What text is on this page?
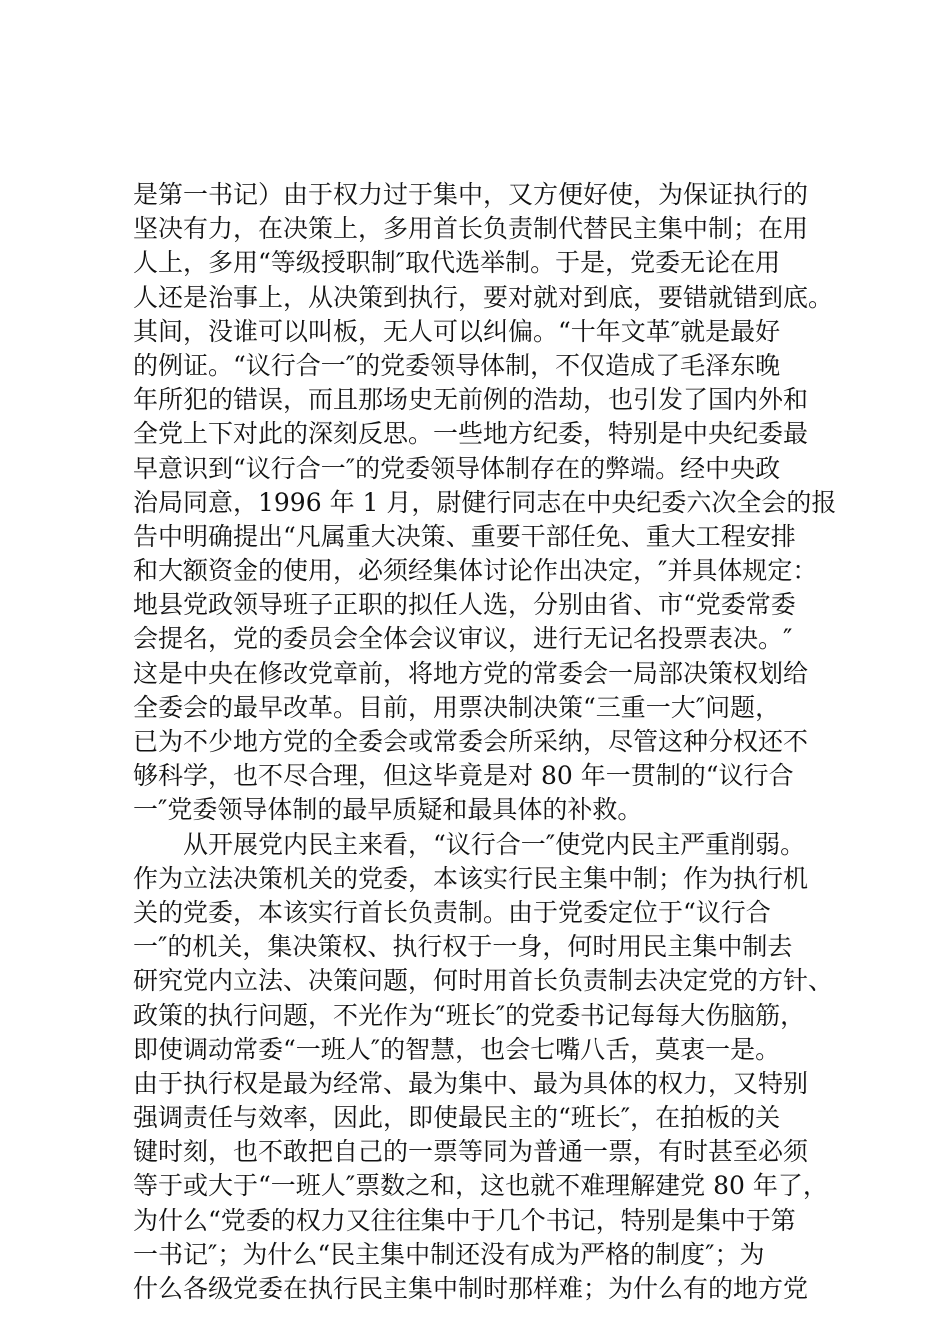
是第一书记）由于权力过于集中，又方便好使，为保证执行的
坚决有力，在决策上，多用首长负责制代替民主集中制；在用
人上，多用“等级授职制″取代选举制。于是，党委无论在用
人还是治事上，从决策到执行，要对就对到底，要错就错到底。
其间，没谁可以叫板，无人可以纠偏。“十年文革″就是最好
的例证。“议行合一″的党委领导体制，不仅造成了毛泽东晚
年所犯的错误，而且那场史无前例的浩劫，也引发了国内外和
全党上下对此的深刻反思。一些地方纪委，特别是中央纪委最
早意识到“议行合一″的党委领导体制存在的弊端。经中央政
治局同意，1996 年 1 月，尉健行同志在中央纪委六次全会的报
告中明确提出“凡属重大决策、重要干部任免、重大工程安排
和大额资金的使用，必须经集体讨论作出决定，″并具体规定：
地县党政领导班子正职的拟任人选，分别由省、市“党委常委
会提名，党的委员会全体会议审议，进行无记名投票表决。″
这是中央在修改党章前，将地方党的常委会一局部决策权划给
全委会的最早改革。目前，用票决制决策“三重一大″问题，
已为不少地方党的全委会或常委会所采纳，尽管这种分权还不
够科学，也不尽合理，但这毕竟是对 80 年一贯制的“议行合
一″党委领导体制的最早质疑和最具体的补救。
从开展党内民主来看，“议行合一″使党内民主严重削弱。
作为立法决策机关的党委，本该实行民主集中制；作为执行机
关的党委，本该实行首长负责制。由于党委定位于“议行合
一″的机关，集决策权、执行权于一身，何时用民主集中制去
研究党内立法、决策问题，何时用首长负责制去决定党的方针、
政策的执行问题，不光作为“班长″的党委书记每每大伤脑筋，
即使调动常委“一班人″的智慧，也会七嘴八舌，莫衷一是。
由于执行权是最为经常、最为集中、最为具体的权力，又特别
强调责任与效率，因此，即使最民主的“班长″，在拍板的关
键时刻，也不敢把自己的一票等同为普通一票，有时甚至必须
等于或大于“一班人″票数之和，这也就不难理解建党 80 年了，
为什么“党委的权力又往往集中于几个书记，特别是集中于第
一书记″；为什么“民主集中制还没有成为严格的制度″；为
什么各级党委在执行民主集中制时那样难；为什么有的地方党
